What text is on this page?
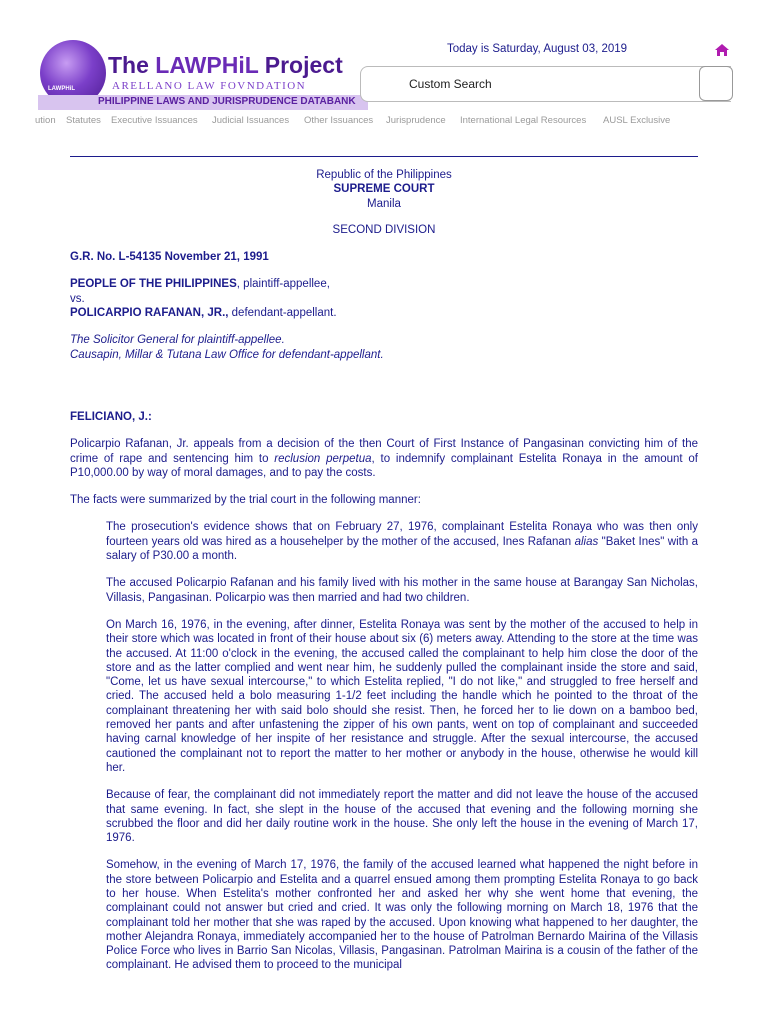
The LAWPHiL Project
ARELLANO LAW FOVNDATION
PHILIPPINE LAWS AND JURISPRUDENCE DATABANK
LAWPHiL
Today is Saturday, August 03, 2019
Custom Search
ution Statutes Executive Issuances Judicial Issuances Other Issuances Jurisprudence International Legal Resources AUSL Exclusive

Republic of the Philippines

SUPREME COURT

Manila

SECOND DIVISION

G.R. No. L-54135 November 21, 1991

PEOPLE OF THE PHILIPPINES, plaintiff-appellee,

vs.

POLICARPIO RAFANAN, JR., defendant-appellant.

The Solicitor General for plaintiff-appellee.

Causapin, Millar & Tutana Law Office for defendant-appellant.

FELICIANO, J.:

Policarpio Rafanan, Jr. appeals from a decision of the then Court of First Instance of Pangasinan convicting him of the crime of rape and sentencing him to reclusion perpetua, to indemnify complainant Estelita Ronaya in the amount of P10,000.00 by way of moral damages, and to pay the costs.

The facts were summarized by the trial court in the following manner:

The prosecution's evidence shows that on February 27, 1976, complainant Estelita Ronaya who was then only fourteen years old was hired as a househelper by the mother of the accused, Ines Rafanan alias "Baket Ines" with a salary of P30.00 a month.

The accused Policarpio Rafanan and his family lived with his mother in the same house at Barangay San Nicholas, Villasis, Pangasinan. Policarpio was then married and had two children.

On March 16, 1976, in the evening, after dinner, Estelita Ronaya was sent by the mother of the accused to help in their store which was located in front of their house about six (6) meters away. Attending to the store at the time was the accused. At 11:00 o'clock in the evening, the accused called the complainant to help him close the door of the store and as the latter complied and went near him, he suddenly pulled the complainant inside the store and said, "Come, let us have sexual intercourse," to which Estelita replied, "I do not like," and struggled to free herself and cried. The accused held a bolo measuring 1-1/2 feet including the handle which he pointed to the throat of the complainant threatening her with said bolo should she resist. Then, he forced her to lie down on a bamboo bed, removed her pants and after unfastening the zipper of his own pants, went on top of complainant and succeeded having carnal knowledge of her inspite of her resistance and struggle. After the sexual intercourse, the accused cautioned the complainant not to report the matter to her mother or anybody in the house, otherwise he would kill her.

Because of fear, the complainant did not immediately report the matter and did not leave the house of the accused that same evening. In fact, she slept in the house of the accused that evening and the following morning she scrubbed the floor and did her daily routine work in the house. She only left the house in the evening of March 17, 1976.

Somehow, in the evening of March 17, 1976, the family of the accused learned what happened the night before in the store between Policarpio and Estelita and a quarrel ensued among them prompting Estelita Ronaya to go back to her house. When Estelita's mother confronted her and asked her why she went home that evening, the complainant could not answer but cried and cried. It was only the following morning on March 18, 1976 that the complainant told her mother that she was raped by the accused. Upon knowing what happened to her daughter, the mother Alejandra Ronaya, immediately accompanied her to the house of Patrolman Bernardo Mairina of the Villasis Police Force who lives in Barrio San Nicolas, Villasis, Pangasinan. Patrolman Mairina is a cousin of the father of the complainant. He advised them to proceed to the municipal
